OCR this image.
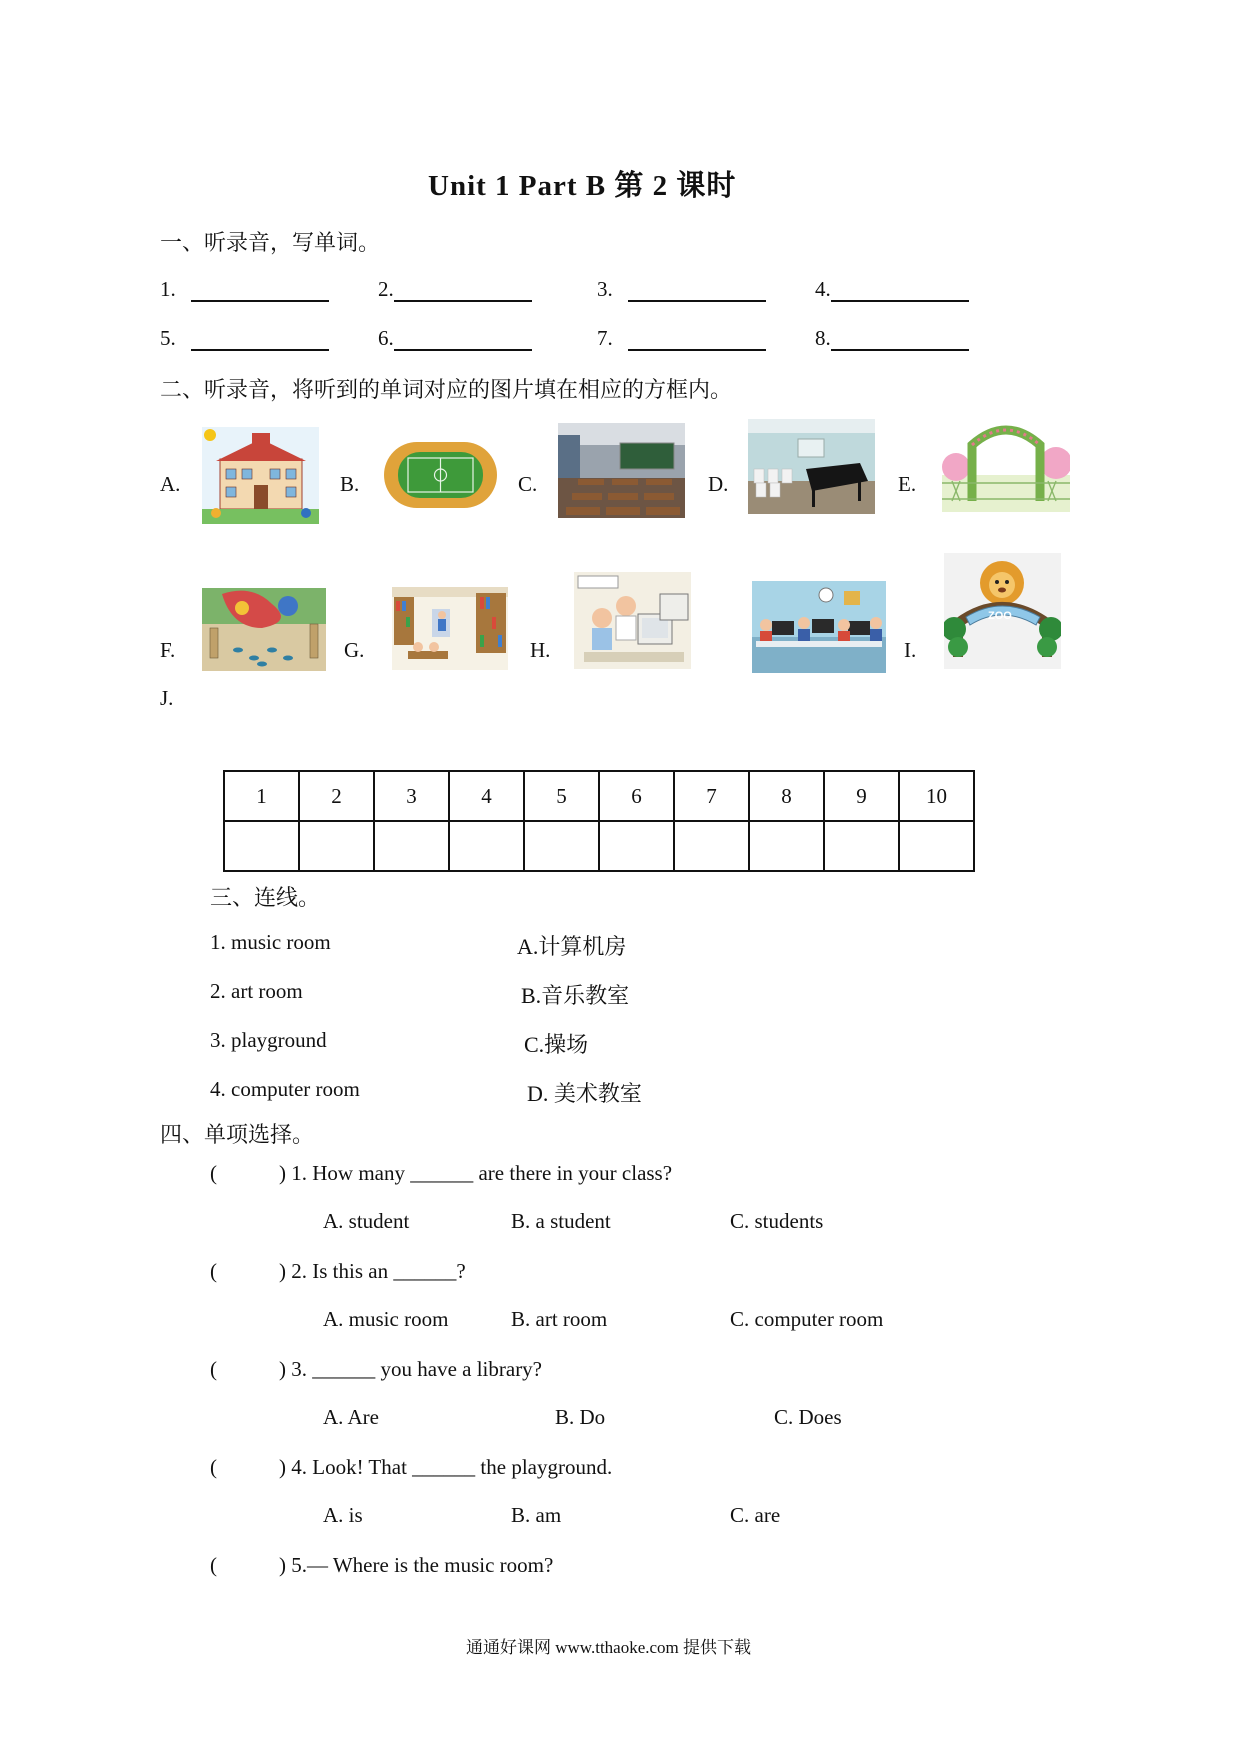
Unit 1 Part B 第 2 课时
一、听录音，写单词。
1.	2.	3.	4.
5.	6.	7.	8.
二、听录音，将听到的单词对应的图片填在相应的方框内。
A.	B.	C.	D.	E.
F.	G.	H.	I.
J.
ZOO
1	2	3	4	5	6	7	8	9	10

三、连线。
1. music room
2. art room
3. playground
4. computer room
A.计算机房
B.音乐教室
C.操场
D. 美术教室
四、单项选择。
(	) 1. How many ______ are there in your class?
A. student	B. a student	C. students
(	) 2. Is this an ______?
A. music room	B. art room	C. computer room
(	) 3. ______ you have a library?
A. Are	B. Do	C. Does
(	) 4. Look! That ______ the playground.
A. is	B. am	C. are
(	) 5.— Where is the music room?
通通好课网 www.tthaoke.com 提供下载
